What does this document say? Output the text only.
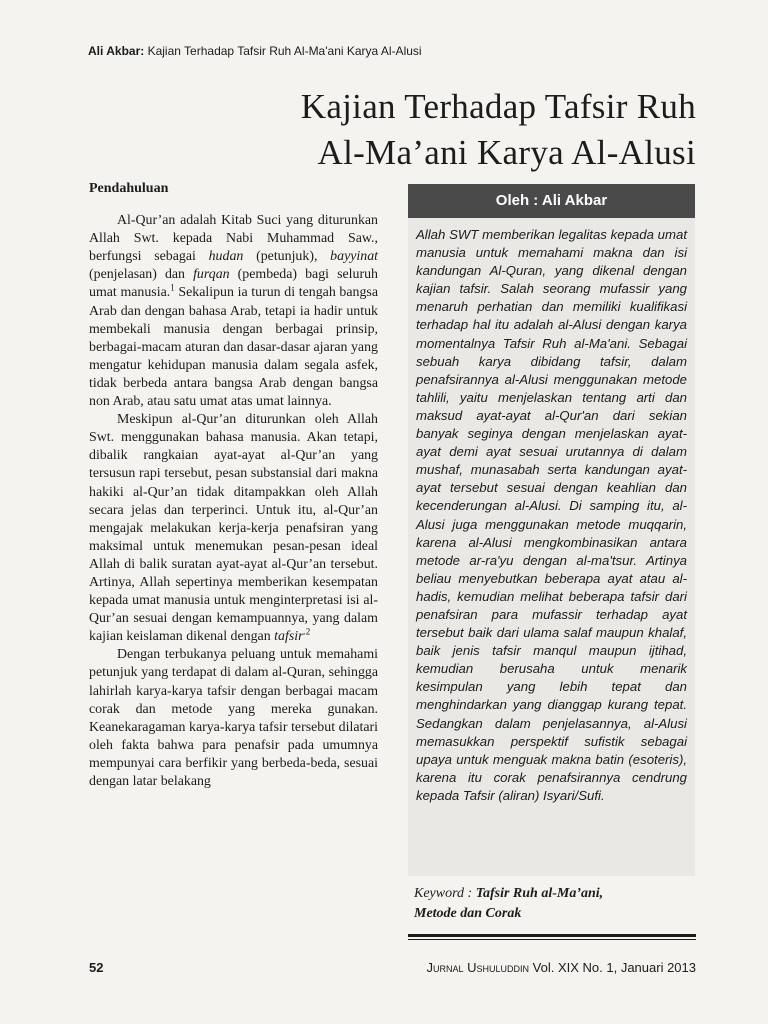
Ali Akbar: Kajian Terhadap Tafsir Ruh Al-Ma'ani Karya Al-Alusi
Kajian Terhadap Tafsir Ruh
Al-Ma’ani Karya Al-Alusi
Pendahuluan

Al-Qur’an adalah Kitab Suci yang diturunkan Allah Swt. kepada Nabi Muhammad Saw., berfungsi sebagai hudan (petunjuk), bayyinat (penjelasan) dan furqan (pembeda) bagi seluruh umat manusia.$^1$ Sekalipun ia turun di tengah bangsa Arab dan dengan bahasa Arab, tetapi ia hadir untuk membekali manusia dengan berbagai prinsip, berbagai-macam aturan dan dasar-dasar ajaran yang mengatur kehidupan manusia dalam segala asfek, tidak berbeda antara bangsa Arab dengan bangsa non Arab, atau satu umat atas umat lainnya.

Meskipun al-Qur’an diturunkan oleh Allah Swt. menggunakan bahasa manusia. Akan tetapi, dibalik rangkaian ayat-ayat al-Qur’an yang tersusun rapi tersebut, pesan substansial dari makna hakiki al-Qur’an tidak ditampakkan oleh Allah secara jelas dan terperinci. Untuk itu, al-Qur’an mengajak melakukan kerja-kerja penafsiran yang maksimal untuk menemukan pesan-pesan ideal Allah di balik suratan ayat-ayat al-Qur’an tersebut. Artinya, Allah sepertinya memberikan kesempatan kepada umat manusia untuk menginterpretasi isi al-Qur’an sesuai dengan kemampuannya, yang dalam kajian keislaman dikenal dengan tafsir$^{.2}$

Dengan terbukanya peluang untuk memahami petunjuk yang terdapat di dalam al-Quran, sehingga lahirlah karya-karya tafsir dengan berbagai macam corak dan metode yang mereka gunakan. Keanekaragaman karya-karya tafsir tersebut dilatari oleh fakta bahwa para penafsir pada umumnya mempunyai cara berfikir yang berbeda-beda, sesuai dengan latar belakang

Oleh : Ali Akbar
Allah SWT memberikan legalitas kepada umat manusia untuk memahami makna dan isi kandungan Al-Quran, yang dikenal dengan kajian tafsir. Salah seorang mufassir yang menaruh perhatian dan memiliki kualifikasi terhadap hal itu adalah al-Alusi dengan karya momentalnya Tafsir Ruh al-Ma'ani. Sebagai sebuah karya dibidang tafsir, dalam penafsirannya al-Alusi menggunakan metode tahlili, yaitu menjelaskan tentang arti dan maksud ayat-ayat al-Qur'an dari sekian banyak seginya dengan menjelaskan ayat-ayat demi ayat sesuai urutannya di dalam mushaf, munasabah serta kandungan ayat-ayat tersebut sesuai dengan keahlian dan kecenderungan al-Alusi. Di samping itu, al-Alusi juga menggunakan metode muqqarin, karena al-Alusi mengkombinasikan antara metode ar-ra'yu dengan al-ma'tsur. Artinya beliau menyebutkan beberapa ayat atau al-hadis, kemudian melihat beberapa tafsir dari penafsiran para mufassir terhadap ayat tersebut baik dari ulama salaf maupun khalaf, baik jenis tafsir manqul maupun ijtihad, kemudian berusaha untuk menarik kesimpulan yang lebih tepat dan menghindarkan yang dianggap kurang tepat. Sedangkan dalam penjelasannya, al-Alusi memasukkan perspektif sufistik sebagai upaya untuk menguak makna batin (esoteris), karena itu corak penafsirannya cendrung kepada Tafsir (aliran) Isyari/Sufi.
Keyword : Tafsir Ruh al-Ma’ani,
Metode dan Corak
52	Jurnal Ushuluddin Vol. XIX No. 1, Januari 2013
